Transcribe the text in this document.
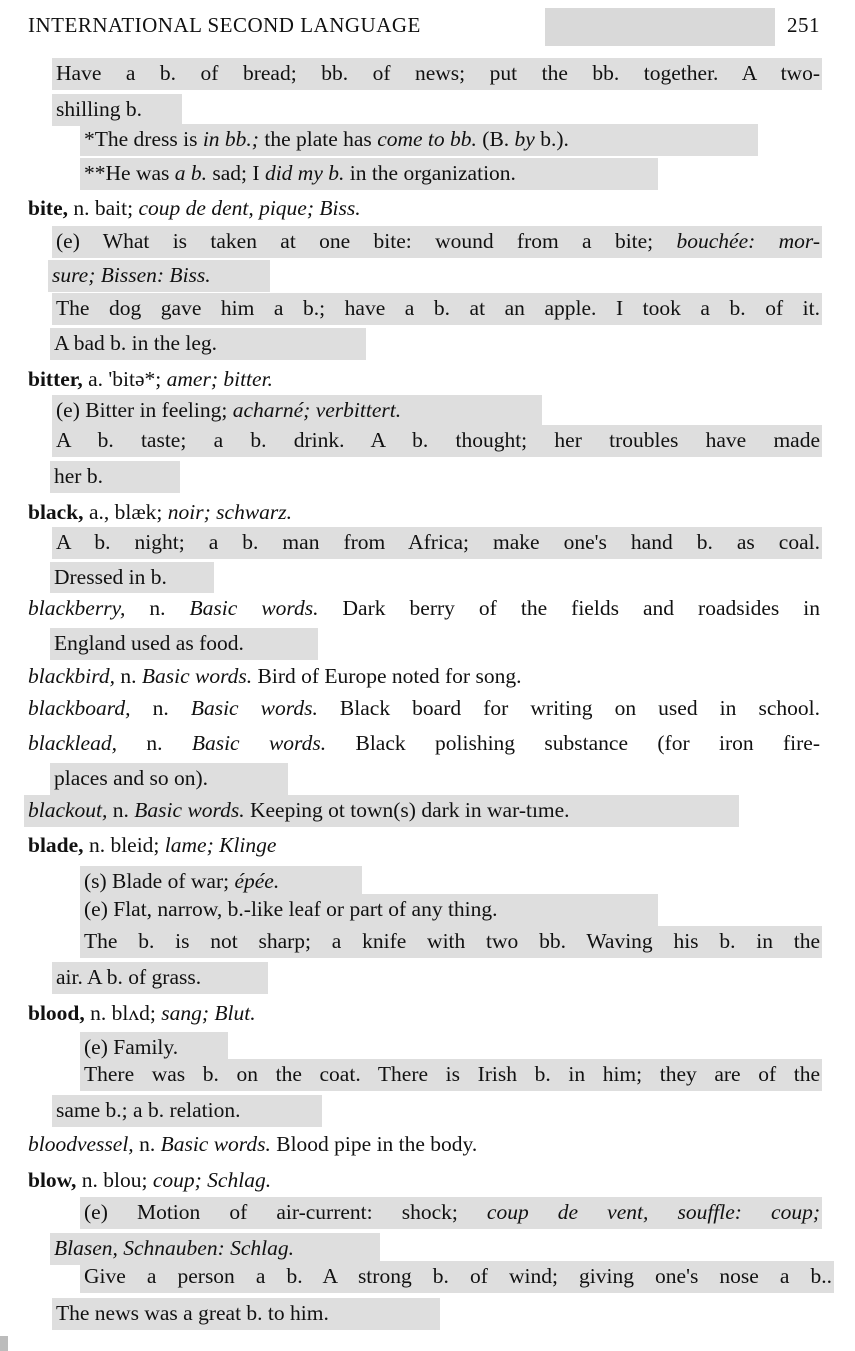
INTERNATIONAL SECOND LANGUAGE	251
Have a b. of bread; bb. of news; put the bb. together. A two-
shilling b.
*The dress is in bb.; the plate has come to bb. (B. by b.).
**He was a b. sad; I did my b. in the organization.
bite, n. bait; coup de dent, pique; Biss.
(e) What is taken at one bite: wound from a bite; bouchée: mor-
sure; Bissen: Biss.
The dog gave him a b.; have a b. at an apple. I took a b. of it.
A bad b. in the leg.
bitter, a. 'bitə*; amer; bitter.
(e) Bitter in feeling; acharné; verbittert.
A b. taste; a b. drink. A b. thought; her troubles have made
her b.
black, a., blæk; noir; schwarz.
A b. night; a b. man from Africa; make one's hand b. as coal.
Dressed in b.
blackberry, n. Basic words. Dark berry of the fields and roadsides in
England used as food.
blackbird, n. Basic words. Bird of Europe noted for song.
blackboard, n. Basic words. Black board for writing on used in school.
blacklead, n. Basic words. Black polishing substance (for iron fire-
places and so on).
blackout, n. Basic words. Keeping ot town(s) dark in war-tıme.
blade, n. bleid; lame; Klinge
(s) Blade of war; épée.
(e) Flat, narrow, b.-like leaf or part of any thing.
The b. is not sharp; a knife with two bb. Waving his b. in the
air. A b. of grass.
blood, n. blʌd; sang; Blut.
(e) Family.
There was b. on the coat. There is Irish b. in him; they are of the
same b.; a b. relation.
bloodvessel, n. Basic words. Blood pipe in the body.
blow, n. blou; coup; Schlag.
(e) Motion of air-current: shock; coup de vent, souffle: coup;
Blasen, Schnauben: Schlag.
Give a person a b. A strong b. of wind; giving one's nose a b..
The news was a great b. to him.
